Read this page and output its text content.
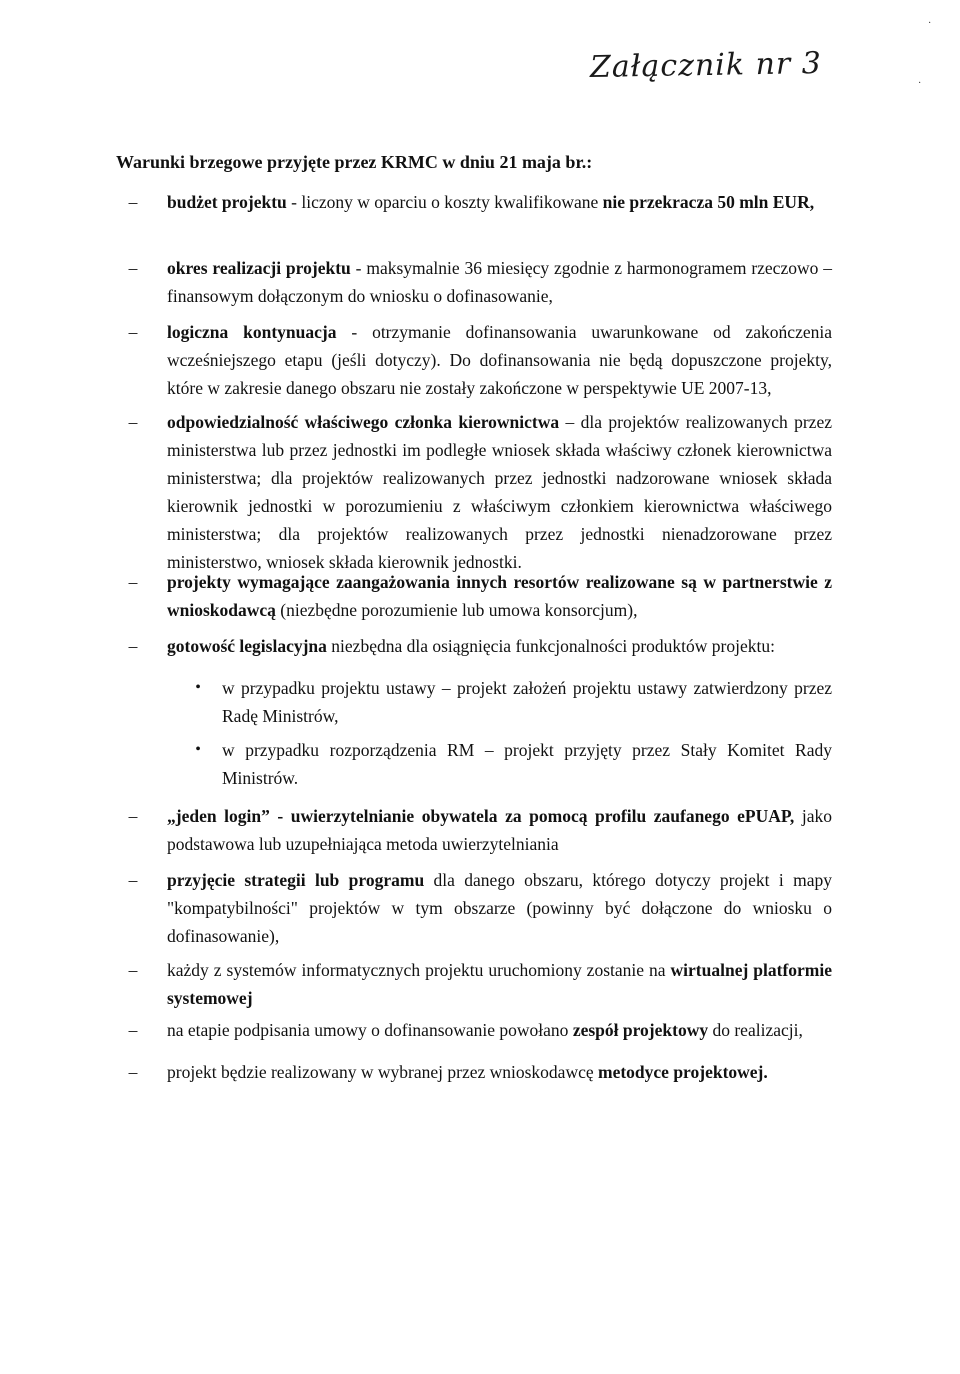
Załącznik nr 3
·
·
Warunki brzegowe przyjęte przez KRMC w dniu 21 maja br.:
–	budżet projektu - liczony w oparciu o koszty kwalifikowane nie przekracza 50 mln EUR,
–	okres realizacji projektu - maksymalnie 36 miesięcy zgodnie z harmonogramem rzeczowo – finansowym dołączonym do wniosku o dofinasowanie,
–	logiczna kontynuacja - otrzymanie dofinansowania uwarunkowane od zakończenia wcześniejszego etapu (jeśli dotyczy). Do dofinansowania nie będą dopuszczone projekty, które w zakresie danego obszaru nie zostały zakończone w perspektywie UE 2007-13,
–	odpowiedzialność właściwego członka kierownictwa – dla projektów realizowanych przez ministerstwa lub przez jednostki im podległe wniosek składa właściwy członek kierownictwa ministerstwa; dla projektów realizowanych przez jednostki nadzorowane wniosek składa kierownik jednostki w porozumieniu z właściwym członkiem kierownictwa właściwego ministerstwa; dla projektów realizowanych przez jednostki nienadzorowane przez ministerstwo, wniosek składa kierownik jednostki.
–	projekty wymagające zaangażowania innych resortów realizowane są w partnerstwie z wnioskodawcą (niezbędne porozumienie lub umowa konsorcjum),
–	gotowość legislacyjna niezbędna dla osiągnięcia funkcjonalności produktów projektu:
• w przypadku projektu ustawy – projekt założeń projektu ustawy zatwierdzony przez Radę Ministrów,
• w przypadku rozporządzenia RM – projekt przyjęty przez Stały Komitet Rady Ministrów.
–	„jeden login” - uwierzytelnianie obywatela za pomocą profilu zaufanego ePUAP, jako podstawowa lub uzupełniająca metoda uwierzytelniania
–	przyjęcie strategii lub programu dla danego obszaru, którego dotyczy projekt i mapy "kompatybilności" projektów w tym obszarze (powinny być dołączone do wniosku o dofinasowanie),
–	każdy z systemów informatycznych projektu uruchomiony zostanie na wirtualnej platformie systemowej
–	na etapie podpisania umowy o dofinansowanie powołano zespół projektowy do realizacji,
–	projekt będzie realizowany w wybranej przez wnioskodawcę metodyce projektowej.
